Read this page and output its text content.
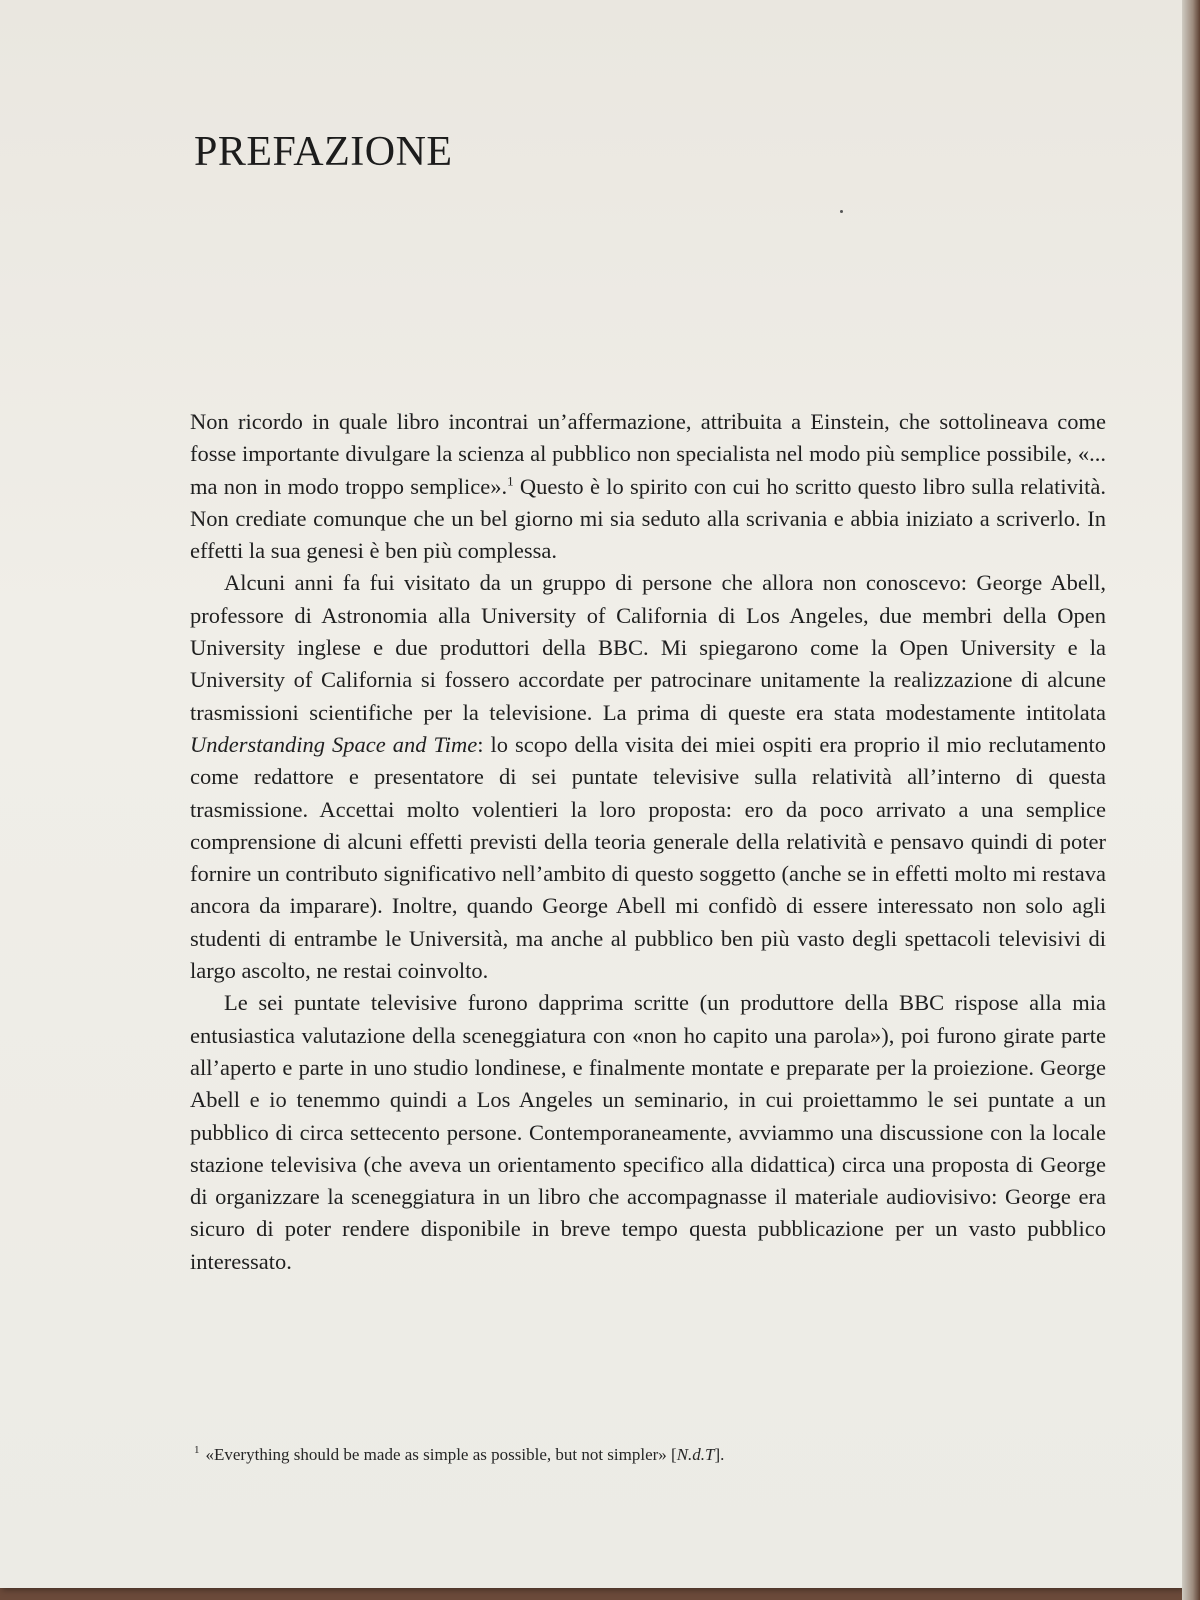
PREFAZIONE

Non ricordo in quale libro incontrai un’affermazione, attribuita a Einstein, che sottolineava come fosse importante divulgare la scienza al pubblico non specialista nel modo più semplice possibile, «... ma non in modo troppo semplice».$^1$ Questo è lo spirito con cui ho scritto questo libro sulla relatività. Non crediate comunque che un bel giorno mi sia seduto alla scrivania e abbia iniziato a scriverlo. In effetti la sua genesi è ben più complessa.

Alcuni anni fa fui visitato da un gruppo di persone che allora non conoscevo: George Abell, professore di Astronomia alla University of California di Los Angeles, due membri della Open University inglese e due produttori della BBC. Mi spiegarono come la Open University e la University of California si fossero accordate per patrocinare unitamente la realizzazione di alcune trasmissioni scientifiche per la televisione. La prima di queste era stata modestamente intitolata Understanding Space and Time: lo scopo della visita dei miei ospiti era proprio il mio reclutamento come redattore e presentatore di sei puntate televisive sulla relatività all’interno di questa trasmissione. Accettai molto volentieri la loro proposta: ero da poco arrivato a una semplice comprensione di alcuni effetti previsti della teoria generale della relatività e pensavo quindi di poter fornire un contributo significativo nell’ambito di questo soggetto (anche se in effetti molto mi restava ancora da imparare). Inoltre, quando George Abell mi confidò di essere interessato non solo agli studenti di entrambe le Università, ma anche al pubblico ben più vasto degli spettacoli televisivi di largo ascolto, ne restai coinvolto.

Le sei puntate televisive furono dapprima scritte (un produttore della BBC rispose alla mia entusiastica valutazione della sceneggiatura con «non ho capito una parola»), poi furono girate parte all’aperto e parte in uno studio londinese, e finalmente montate e preparate per la proiezione. George Abell e io tenemmo quindi a Los Angeles un seminario, in cui proiettammo le sei puntate a un pubblico di circa settecento persone. Contemporaneamente, avviammo una discussione con la locale stazione televisiva (che aveva un orientamento specifico alla didattica) circa una proposta di George di organizzare la sceneggiatura in un libro che accompagnasse il materiale audiovisivo: George era sicuro di poter rendere disponibile in breve tempo questa pubblicazione per un vasto pubblico interessato.

$^1$ «Everything should be made as simple as possible, but not simpler» [N.d.T].
